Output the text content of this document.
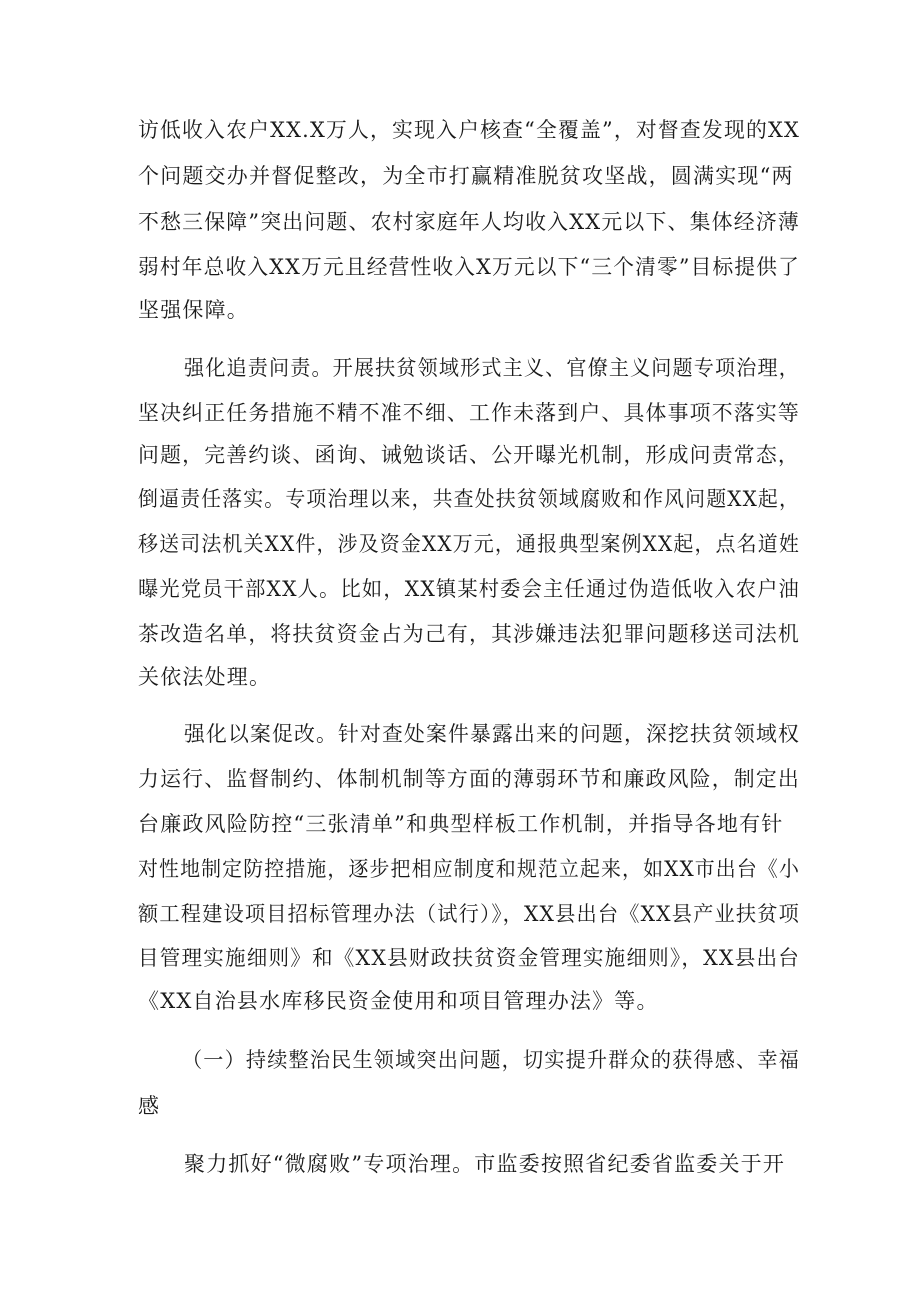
访低收入农户XX.X万人，实现入户核查“全覆盖”，对督查发现的XX
个问题交办并督促整改，为全市打赢精准脱贫攻坚战，圆满实现“两
不愁三保障”突出问题、农村家庭年人均收入XX元以下、集体经济薄
弱村年总收入XX万元且经营性收入X万元以下“三个清零”目标提供了
坚强保障。
强化追责问责。开展扶贫领域形式主义、官僚主义问题专项治理，
坚决纠正任务措施不精不准不细、工作未落到户、具体事项不落实等
问题，完善约谈、函询、诫勉谈话、公开曝光机制，形成问责常态，
倒逼责任落实。专项治理以来，共查处扶贫领域腐败和作风问题XX起，
移送司法机关XX件，涉及资金XX万元，通报典型案例XX起，点名道姓
曝光党员干部XX人。比如，XX镇某村委会主任通过伪造低收入农户油
茶改造名单，将扶贫资金占为己有，其涉嫌违法犯罪问题移送司法机
关依法处理。
强化以案促改。针对查处案件暴露出来的问题，深挖扶贫领域权
力运行、监督制约、体制机制等方面的薄弱环节和廉政风险，制定出
台廉政风险防控“三张清单”和典型样板工作机制，并指导各地有针
对性地制定防控措施，逐步把相应制度和规范立起来，如XX市出台《小
额工程建设项目招标管理办法（试行）》，XX县出台《XX县产业扶贫项
目管理实施细则》和《XX县财政扶贫资金管理实施细则》，XX县出台
《XX自治县水库移民资金使用和项目管理办法》等。
（一）持续整治民生领域突出问题，切实提升群众的获得感、幸福
感
聚力抓好“微腐败”专项治理。市监委按照省纪委省监委关于开
